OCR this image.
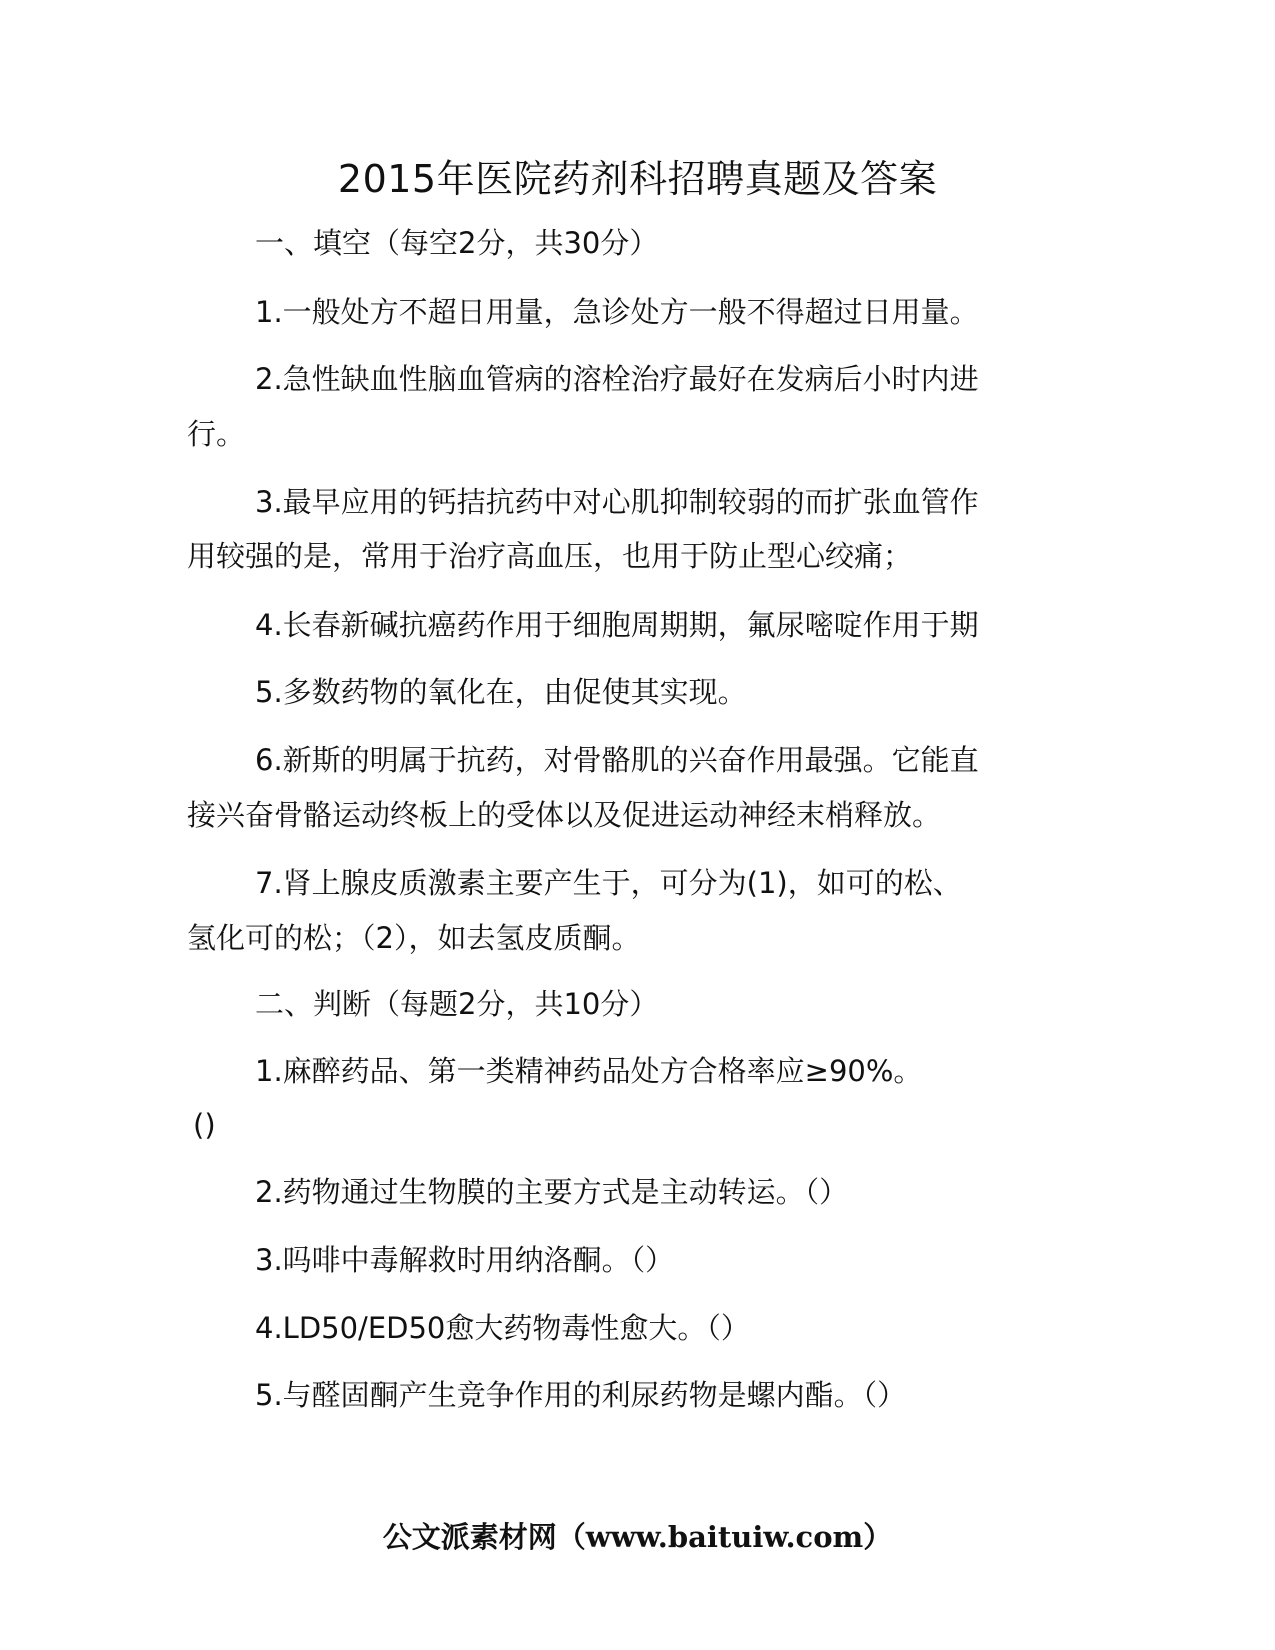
2015年医院药剂科招聘真题及答案
一、填空（每空2分，共30分）
1.一般处方不超日用量，急诊处方一般不得超过日用量。
2.急性缺血性脑血管病的溶栓治疗最好在发病后小时内进
行。
3.最早应用的钙拮抗药中对心肌抑制较弱的而扩张血管作
用较强的是，常用于治疗高血压，也用于防止型心绞痛；
4.长春新碱抗癌药作用于细胞周期期，氟尿嘧啶作用于期
5.多数药物的氧化在，由促使其实现。
6.新斯的明属于抗药，对骨骼肌的兴奋作用最强。它能直
接兴奋骨骼运动终板上的受体以及促进运动神经末梢释放。
7.肾上腺皮质激素主要产生于，可分为(1)，如可的松、
氢化可的松；（2），如去氢皮质酮。
二、判断（每题2分，共10分）
1.麻醉药品、第一类精神药品处方合格率应≥90%。
()
2.药物通过生物膜的主要方式是主动转运。（）
3.吗啡中毒解救时用纳洛酮。（）
4.LD50/ED50愈大药物毒性愈大。（）
5.与醛固酮产生竞争作用的利尿药物是螺内酯。（）
公文派素材网（www.baituiw.com）
